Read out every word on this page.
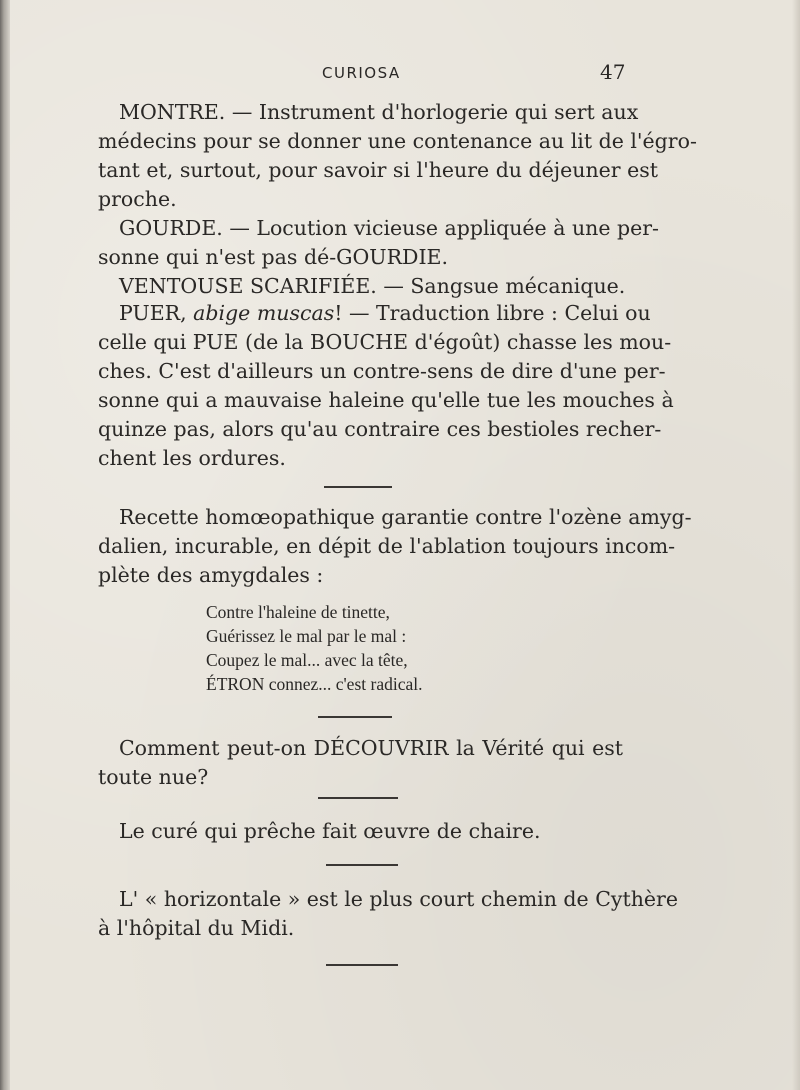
CURIOSA	47
MONTRE. — Instrument d'horlogerie qui sert aux
médecins pour se donner une contenance au lit de l'égro-
tant et, surtout, pour savoir si l'heure du déjeuner est
proche.
GOURDE. — Locution vicieuse appliquée à une per-
sonne qui n'est pas dé-GOURDIE.
VENTOUSE SCARIFIÉE. — Sangsue mécanique.
PUER, abige muscas! — Traduction libre : Celui ou
celle qui PUE (de la BOUCHE d'égoût) chasse les mou-
ches. C'est d'ailleurs un contre-sens de dire d'une per-
sonne qui a mauvaise haleine qu'elle tue les mouches à
quinze pas, alors qu'au contraire ces bestioles recher-
chent les ordures.
Recette homœopathique garantie contre l'ozène amyg-
dalien, incurable, en dépit de l'ablation toujours incom-
plète des amygdales :
Contre l'haleine de tinette,
Guérissez le mal par le mal :
Coupez le mal... avec la tête,
ÉTRON connez... c'est radical.
Comment peut-on DÉCOUVRIR la Vérité qui est
toute nue?
Le curé qui prêche fait œuvre de chaire.
L' « horizontale » est le plus court chemin de Cythère
à l'hôpital du Midi.
